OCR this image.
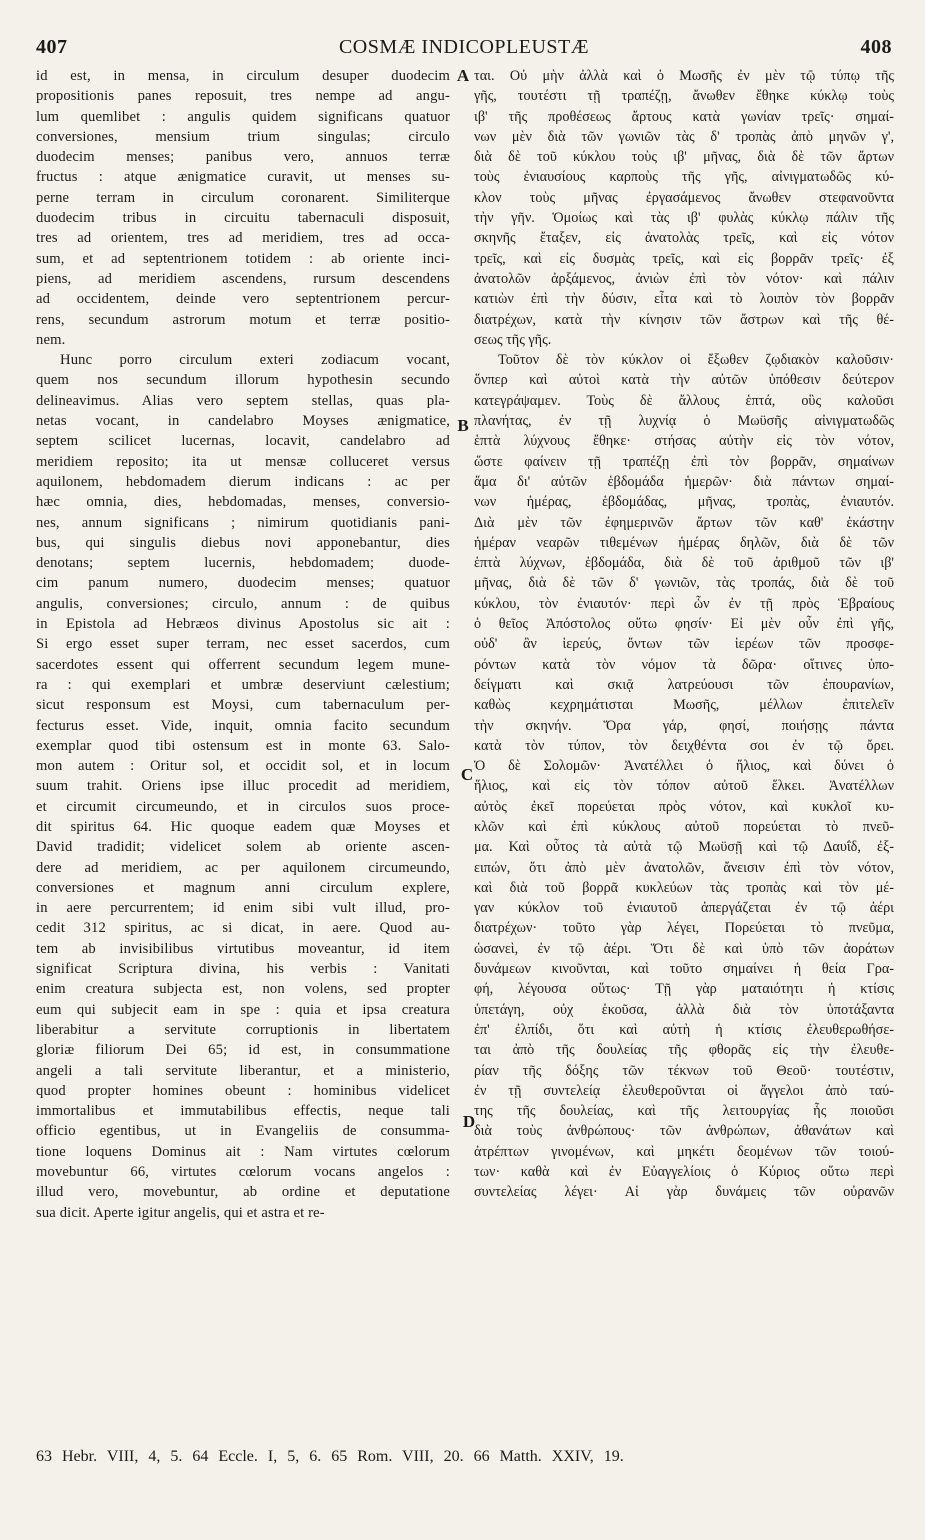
407	COSMÆ INDICOPLEUSTÆ	408
id est, in mensa, in circulum desuper duodecim
propositionis panes reposuit, tres nempe ad angu-
lum quemlibet : angulis quidem significans quatuor
conversiones, mensium trium singulas; circulo
duodecim menses; panibus vero, annuos terræ
fructus : atque ænigmatice curavit, ut menses su-
perne terram in circulum coronarent. Similiterque
duodecim tribus in circuitu tabernaculi disposuit,
tres ad orientem, tres ad meridiem, tres ad occa-
sum, et ad septentrionem totidem : ab oriente inci-
piens, ad meridiem ascendens, rursum descendens
ad occidentem, deinde vero septentrionem percur-
rens, secundum astrorum motum et terræ positio-
nem.
Hunc porro circulum exteri zodiacum vocant,
quem nos secundum illorum hypothesin secundo
delineavimus. Alias vero septem stellas, quas pla-
netas vocant, in candelabro Moyses ænigmatice,
septem scilicet lucernas, locavit, candelabro ad
meridiem reposito; ita ut mensæ colluceret versus
aquilonem, hebdomadem dierum indicans : ac per
hæc omnia, dies, hebdomadas, menses, conversio-
nes, annum significans ; nimirum quotidianis pani-
bus, qui singulis diebus novi apponebantur, dies
denotans; septem lucernis, hebdomadem; duode-
cim panum numero, duodecim menses; quatuor
angulis, conversiones; circulo, annum : de quibus
in Epistola ad Hebræos divinus Apostolus sic ait :
Si ergo esset super terram, nec esset sacerdos, cum
sacerdotes essent qui offerrent secundum legem mune-
ra : qui exemplari et umbræ deserviunt cælestium;
sicut responsum est Moysi, cum tabernaculum per-
fecturus esset. Vide, inquit, omnia facito secundum
exemplar quod tibi ostensum est in monte 63. Salo-
mon autem : Oritur sol, et occidit sol, et in locum
suum trahit. Oriens ipse illuc procedit ad meridiem,
et circumit circumeundo, et in circulos suos proce-
dit spiritus 64. Hic quoque eadem quæ Moyses et
David tradidit; videlicet solem ab oriente ascen-
dere ad meridiem, ac per aquilonem circumeundo,
conversiones et magnum anni circulum explere,
in aere percurrentem; id enim sibi vult illud, pro-
cedit 312 spiritus, ac si dicat, in aere. Quod au-
tem ab invisibilibus virtutibus moveantur, id item
significat Scriptura divina, his verbis : Vanitati
enim creatura subjecta est, non volens, sed propter
eum qui subjecit eam in spe : quia et ipsa creatura
liberabitur a servitute corruptionis in libertatem
gloriæ filiorum Dei 65; id est, in consummatione
angeli a tali servitute liberantur, et a ministerio,
quod propter homines obeunt : hominibus videlicet
immortalibus et immutabilibus effectis, neque tali
officio egentibus, ut in Evangeliis de consumma-
tione loquens Dominus ait : Nam virtutes cœlorum
movebuntur 66, virtutes cœlorum vocans angelos :
illud vero, movebuntur, ab ordine et deputatione
sua dicit. Aperte igitur angelis, qui et astra et re-
ται. Οὐ μὴν ἀλλὰ καὶ ὁ Μωσῆς ἐν μὲν τῷ τύπῳ τῆς
γῆς, τουτέστι τῇ τραπέζῃ, ἄνωθεν ἔθηκε κύκλῳ τοὺς
ιβ' τῆς προθέσεως ἄρτους κατὰ γωνίαν τρεῖς· σημαί-
νων μὲν διὰ τῶν γωνιῶν τὰς δ' τροπὰς ἀπὸ μηνῶν γ',
διὰ δὲ τοῦ κύκλου τοὺς ιβ' μῆνας, διὰ δὲ τῶν ἄρτων
τοὺς ἐνιαυσίους καρποὺς τῆς γῆς, αἰνιγματωδῶς κύ-
κλον τοὺς μῆνας ἐργασάμενος ἄνωθεν στεφανοῦντα
τὴν γῆν. Ὁμοίως καὶ τὰς ιβ' φυλὰς κύκλῳ πάλιν τῆς
σκηνῆς ἔταξεν, εἰς ἀνατολὰς τρεῖς, καὶ εἰς νότον
τρεῖς, καὶ εἰς δυσμὰς τρεῖς, καὶ εἰς βορρᾶν τρεῖς· ἐξ
ἀνατολῶν ἀρξάμενος, ἀνιὼν ἐπὶ τὸν νότον· καὶ πάλιν
κατιὼν ἐπὶ τὴν δύσιν, εἶτα καὶ τὸ λοιπὸν τὸν βορρᾶν
διατρέχων, κατὰ τὴν κίνησιν τῶν ἄστρων καὶ τῆς θέ-
σεως τῆς γῆς.
Τοῦτον δὲ τὸν κύκλον οἱ ἔξωθεν ζῳδιακὸν καλοῦσιν·
ὅνπερ καὶ αὐτοὶ κατὰ τὴν αὐτῶν ὑπόθεσιν δεύτερον
κατεγράψαμεν. Τοὺς δὲ ἄλλους ἑπτά, οὓς καλοῦσι
πλανήτας, ἐν τῇ λυχνίᾳ ὁ Μωϋσῆς αἰνιγματωδῶς
ἑπτὰ λύχνους ἔθηκε· στήσας αὐτὴν εἰς τὸν νότον,
ὥστε φαίνειν τῇ τραπέζῃ ἐπὶ τὸν βορρᾶν, σημαίνων
ἅμα δι' αὐτῶν ἑβδομάδα ἡμερῶν· διὰ πάντων σημαί-
νων ἡμέρας, ἑβδομάδας, μῆνας, τροπὰς, ἐνιαυτόν.
Διὰ μὲν τῶν ἐφημερινῶν ἄρτων τῶν καθ' ἑκάστην
ἡμέραν νεαρῶν τιθεμένων ἡμέρας δηλῶν, διὰ δὲ τῶν
ἑπτὰ λύχνων, ἑβδομάδα, διὰ δὲ τοῦ ἀριθμοῦ τῶν ιβ'
μῆνας, διὰ δὲ τῶν δ' γωνιῶν, τὰς τροπάς, διὰ δὲ τοῦ
κύκλου, τὸν ἐνιαυτόν· περὶ ὧν ἐν τῇ πρὸς Ἑβραίους
ὁ θεῖος Ἀπόστολος οὕτω φησίν· Εἰ μὲν οὖν ἐπὶ γῆς,
οὐδ' ἂν ἱερεύς, ὄντων τῶν ἱερέων τῶν προσφε-
ρόντων κατὰ τὸν νόμον τὰ δῶρα· οἵτινες ὑπο-
δείγματι καὶ σκιᾷ λατρεύουσι τῶν ἐπουρανίων,
καθὼς κεχρημάτισται Μωσῆς, μέλλων ἐπιτελεῖν
τὴν σκηνήν. Ὅρα γάρ, φησί, ποιήσῃς πάντα
κατὰ τὸν τύπον, τὸν δειχθέντα σοι ἐν τῷ ὄρει.
Ὁ δὲ Σολομῶν· Ἀνατέλλει ὁ ἥλιος, καὶ δύνει ὁ
ἥλιος, καὶ εἰς τὸν τόπον αὐτοῦ ἕλκει. Ἀνατέλλων
αὐτὸς ἐκεῖ πορεύεται πρὸς νότον, καὶ κυκλοῖ κυ-
κλῶν καὶ ἐπὶ κύκλους αὐτοῦ πορεύεται τὸ πνεῦ-
μα. Καὶ οὗτος τὰ αὐτὰ τῷ Μωϋσῇ καὶ τῷ Δαυΐδ, ἐξ-
ειπών, ὅτι ἀπὸ μὲν ἀνατολῶν, ἄνεισιν ἐπὶ τὸν νότον,
καὶ διὰ τοῦ βορρᾶ κυκλεύων τὰς τροπὰς καὶ τὸν μέ-
γαν κύκλον τοῦ ἐνιαυτοῦ ἀπεργάζεται ἐν τῷ ἀέρι
διατρέχων· τοῦτο γὰρ λέγει, Πορεύεται τὸ πνεῦμα,
ὡσανεὶ, ἐν τῷ ἀέρι. Ὅτι δὲ καὶ ὑπὸ τῶν ἀοράτων
δυνάμεων κινοῦνται, καὶ τοῦτο σημαίνει ἡ θεία Γρα-
φή, λέγουσα οὕτως· Τῇ γὰρ ματαιότητι ἡ κτίσις
ὑπετάγη, οὐχ ἑκοῦσα, ἀλλὰ διὰ τὸν ὑποτάξαντα
ἐπ' ἐλπίδι, ὅτι καὶ αὐτὴ ἡ κτίσις ἐλευθερωθήσε-
ται ἀπὸ τῆς δουλείας τῆς φθορᾶς εἰς τὴν ἐλευθε-
ρίαν τῆς δόξης τῶν τέκνων τοῦ Θεοῦ· τουτέστιν,
ἐν τῇ συντελείᾳ ἐλευθεροῦνται οἱ ἄγγελοι ἀπὸ ταύ-
της τῆς δουλείας, καὶ τῆς λειτουργίας ἧς ποιοῦσι
διὰ τοὺς ἀνθρώπους· τῶν ἀνθρώπων, ἀθανάτων καὶ
ἀτρέπτων γινομένων, καὶ μηκέτι δεομένων τῶν τοιού-
των· καθὰ καὶ ἐν Εὐαγγελίοις ὁ Κύριος οὕτω περὶ
συντελείας λέγει· Αἱ γὰρ δυνάμεις τῶν οὐρανῶν
A
B
C
D
63 Hebr. VIII, 4, 5. 64 Eccle. I, 5, 6. 65 Rom. VIII, 20. 66 Matth. XXIV, 19.
